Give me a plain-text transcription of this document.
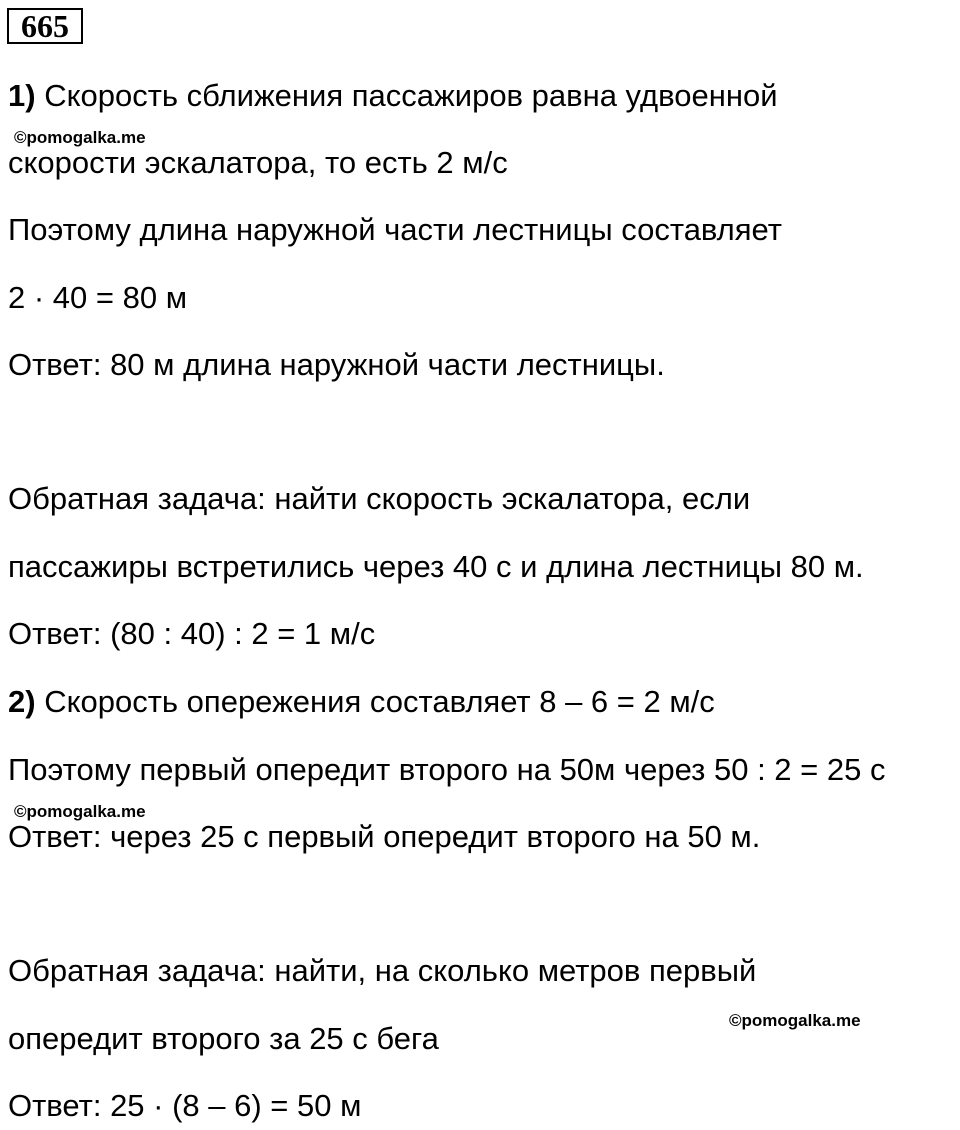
665
1) Скорость сближения пассажиров равна удвоенной
©pomogalka.me
скорости эскалатора, то есть 2 м/с
Поэтому длина наружной части лестницы составляет
2 · 40 = 80 м
Ответ: 80 м длина наружной части лестницы.
Обратная задача: найти скорость эскалатора, если
пассажиры встретились через 40 с и длина лестницы 80 м.
Ответ: (80 : 40) : 2 = 1 м/с
2) Скорость опережения составляет 8 – 6 = 2 м/с
Поэтому первый опередит второго на 50м через 50 : 2 = 25 с
©pomogalka.me
Ответ: через 25 с первый опередит второго на 50 м.
Обратная задача: найти, на сколько метров первый
©pomogalka.me
опередит второго за 25 с бега
Ответ: 25 · (8 – 6) = 50 м
